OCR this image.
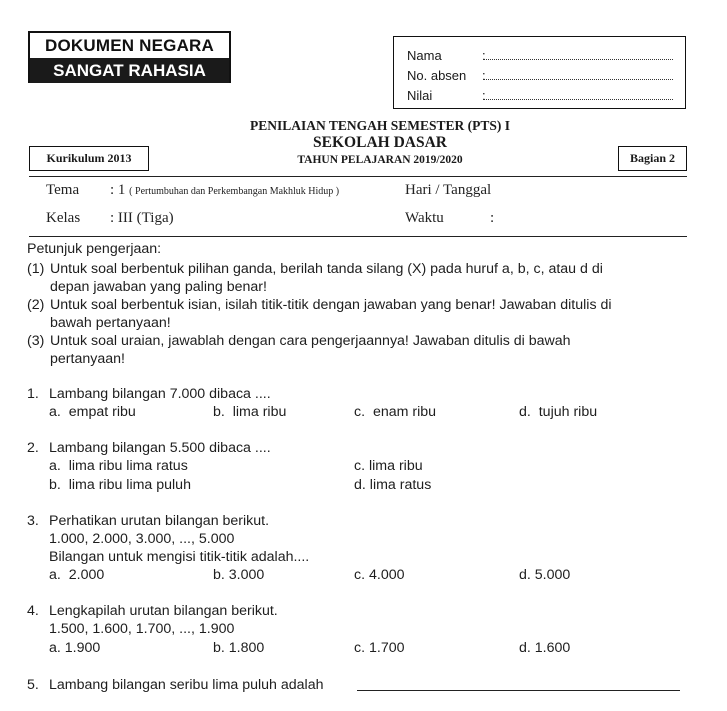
DOKUMEN NEGARA
SANGAT RAHASIA
Nama	:
No. absen :
Nilai	:
PENILAIAN TENGAH SEMESTER (PTS) I
SEKOLAH DASAR
TAHUN PELAJARAN 2019/2020
Kurikulum 2013	Bagian 2
Tema : 1 ( Pertumbuhan dan Perkembangan Makhluk Hidup )	Hari / Tanggal
Kelas : III (Tiga)	Waktu	:
Petunjuk pengerjaan:
(1) Untuk soal berbentuk pilihan ganda, berilah tanda silang (X) pada huruf a, b, c, atau d di
depan jawaban yang paling benar!
(2) Untuk soal berbentuk isian, isilah titik-titik dengan jawaban yang benar! Jawaban ditulis di
bawah pertanyaan!
(3) Untuk soal uraian, jawablah dengan cara pengerjaannya! Jawaban ditulis di bawah
pertanyaan!
1. Lambang bilangan 7.000 dibaca ....
a. empat ribu	b. lima ribu	c. enam ribu	d. tujuh ribu
2. Lambang bilangan 5.500 dibaca ....
a. lima ribu lima ratus
b. lima ribu lima puluh
c. lima ribu
d. lima ratus
3. Perhatikan urutan bilangan berikut.
1.000, 2.000, 3.000, ..., 5.000
Bilangan untuk mengisi titik-titik adalah....
a. 2.000	b. 3.000	c. 4.000	d. 5.000
4. Lengkapilah urutan bilangan berikut.
1.500, 1.600, 1.700, ..., 1.900
a. 1.900	b. 1.800	c. 1.700	d. 1.600
5. Lambang bilangan seribu lima puluh adalah
